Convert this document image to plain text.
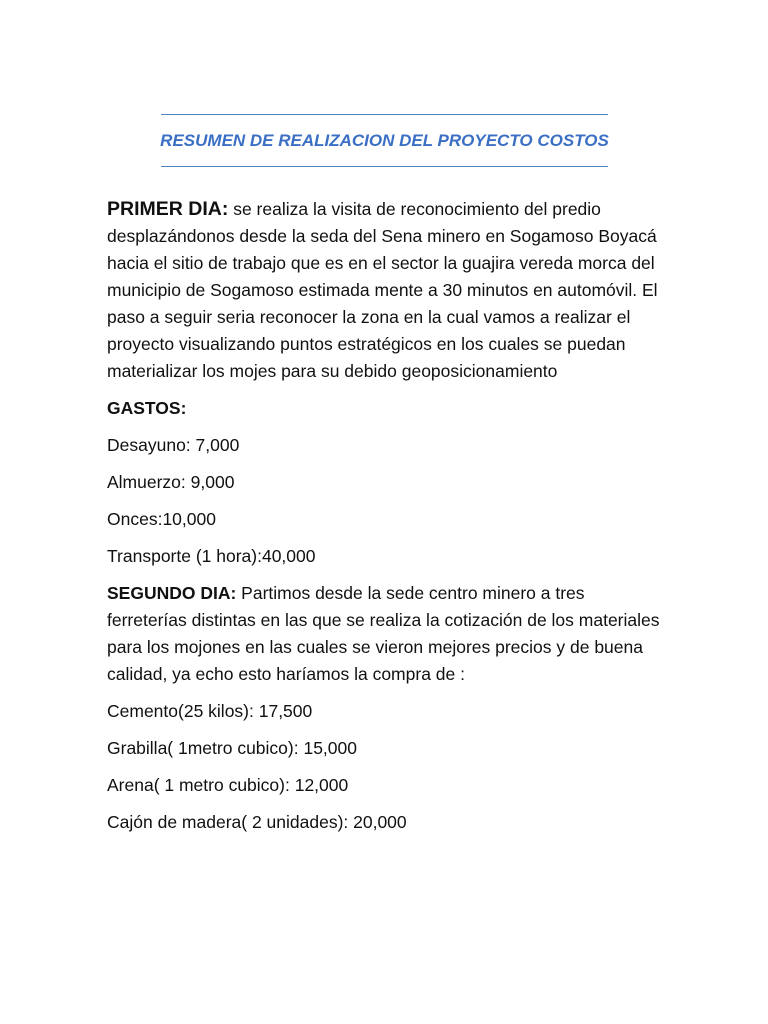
RESUMEN DE REALIZACION DEL PROYECTO COSTOS

PRIMER DIA: se realiza la visita de reconocimiento del predio desplazándonos desde la seda del Sena minero en Sogamoso Boyacá hacia el sitio de trabajo que es en el sector la guajira vereda morca del municipio de Sogamoso estimada mente a 30 minutos en automóvil. El paso a seguir seria reconocer la zona en la cual vamos a realizar el proyecto visualizando puntos estratégicos en los cuales se puedan materializar los mojes para su debido geoposicionamiento

GASTOS:

Desayuno: 7,000

Almuerzo: 9,000

Onces:10,000

Transporte (1 hora):40,000

SEGUNDO DIA: Partimos desde la sede centro minero a tres ferreterías distintas en las que se realiza la cotización de los materiales para los mojones en las cuales se vieron mejores precios y de buena calidad, ya echo esto haríamos la compra de :

Cemento(25 kilos): 17,500

Grabilla( 1metro cubico): 15,000

Arena( 1 metro cubico): 12,000

Cajón de madera( 2 unidades): 20,000
